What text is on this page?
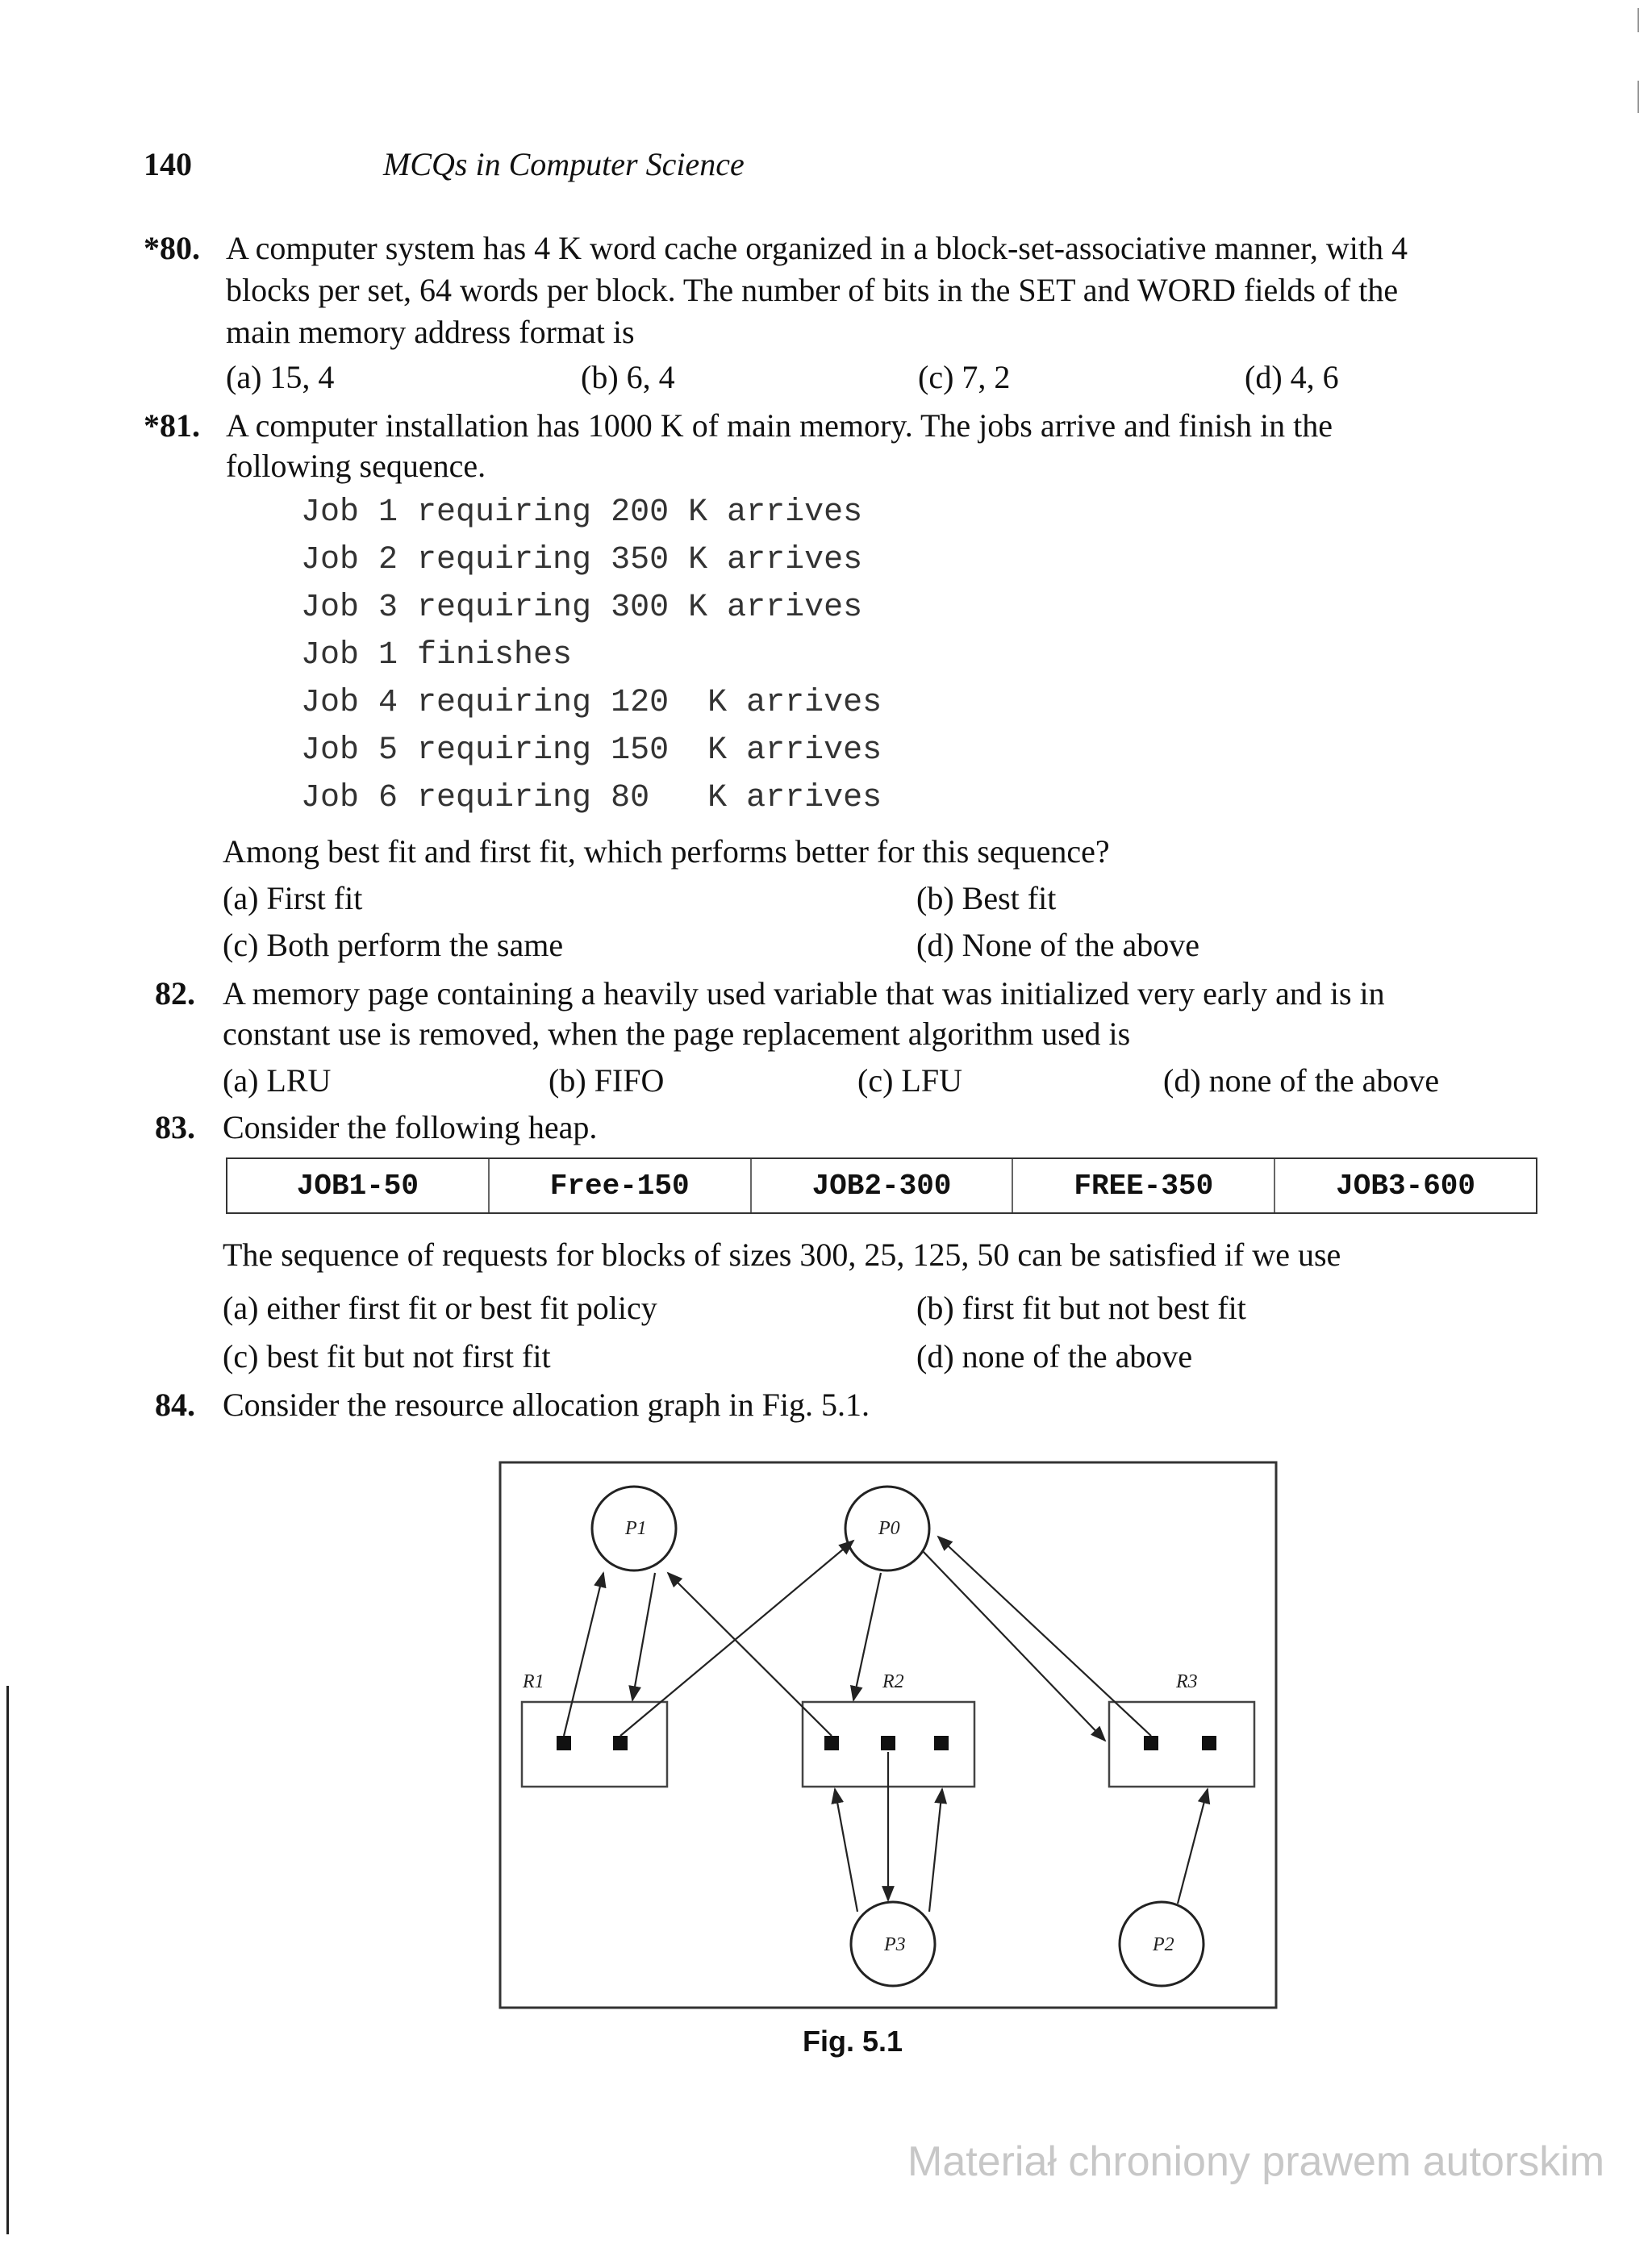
140	MCQs in Computer Science
*80. A computer system has 4 K word cache organized in a block-set-associative manner, with 4
blocks per set, 64 words per block. The number of bits in the SET and WORD fields of the
main memory address format is
(a) 15, 4	(b) 6, 4	(c) 7, 2	(d) 4, 6
*81. A computer installation has 1000 K of main memory. The jobs arrive and finish in the
following sequence.
Job 1 requiring 200 K arrives
Job 2 requiring 350 K arrives
Job 3 requiring 300 K arrives
Job 1 finishes
Job 4 requiring 120  K arrives
Job 5 requiring 150  K arrives
Job 6 requiring 80   K arrives
Among best fit and first fit, which performs better for this sequence?
(a) First fit	(b) Best fit
(c) Both perform the same	(d) None of the above
82. A memory page containing a heavily used variable that was initialized very early and is in
constant use is removed, when the page replacement algorithm used is
(a) LRU	(b) FIFO	(c) LFU	(d) none of the above
83. Consider the following heap.
JOB1-50	Free-150	JOB2-300	FREE-350	JOB3-600
The sequence of requests for blocks of sizes 300, 25, 125, 50 can be satisfied if we use
(a) either first fit or best fit policy	(b) first fit but not best fit
(c) best fit but not first fit	(d) none of the above
84. Consider the resource allocation graph in Fig. 5.1.
P1	P0
P3	P2
R1	R2	R3
Fig. 5.1
Materiał chroniony prawem autorskim
